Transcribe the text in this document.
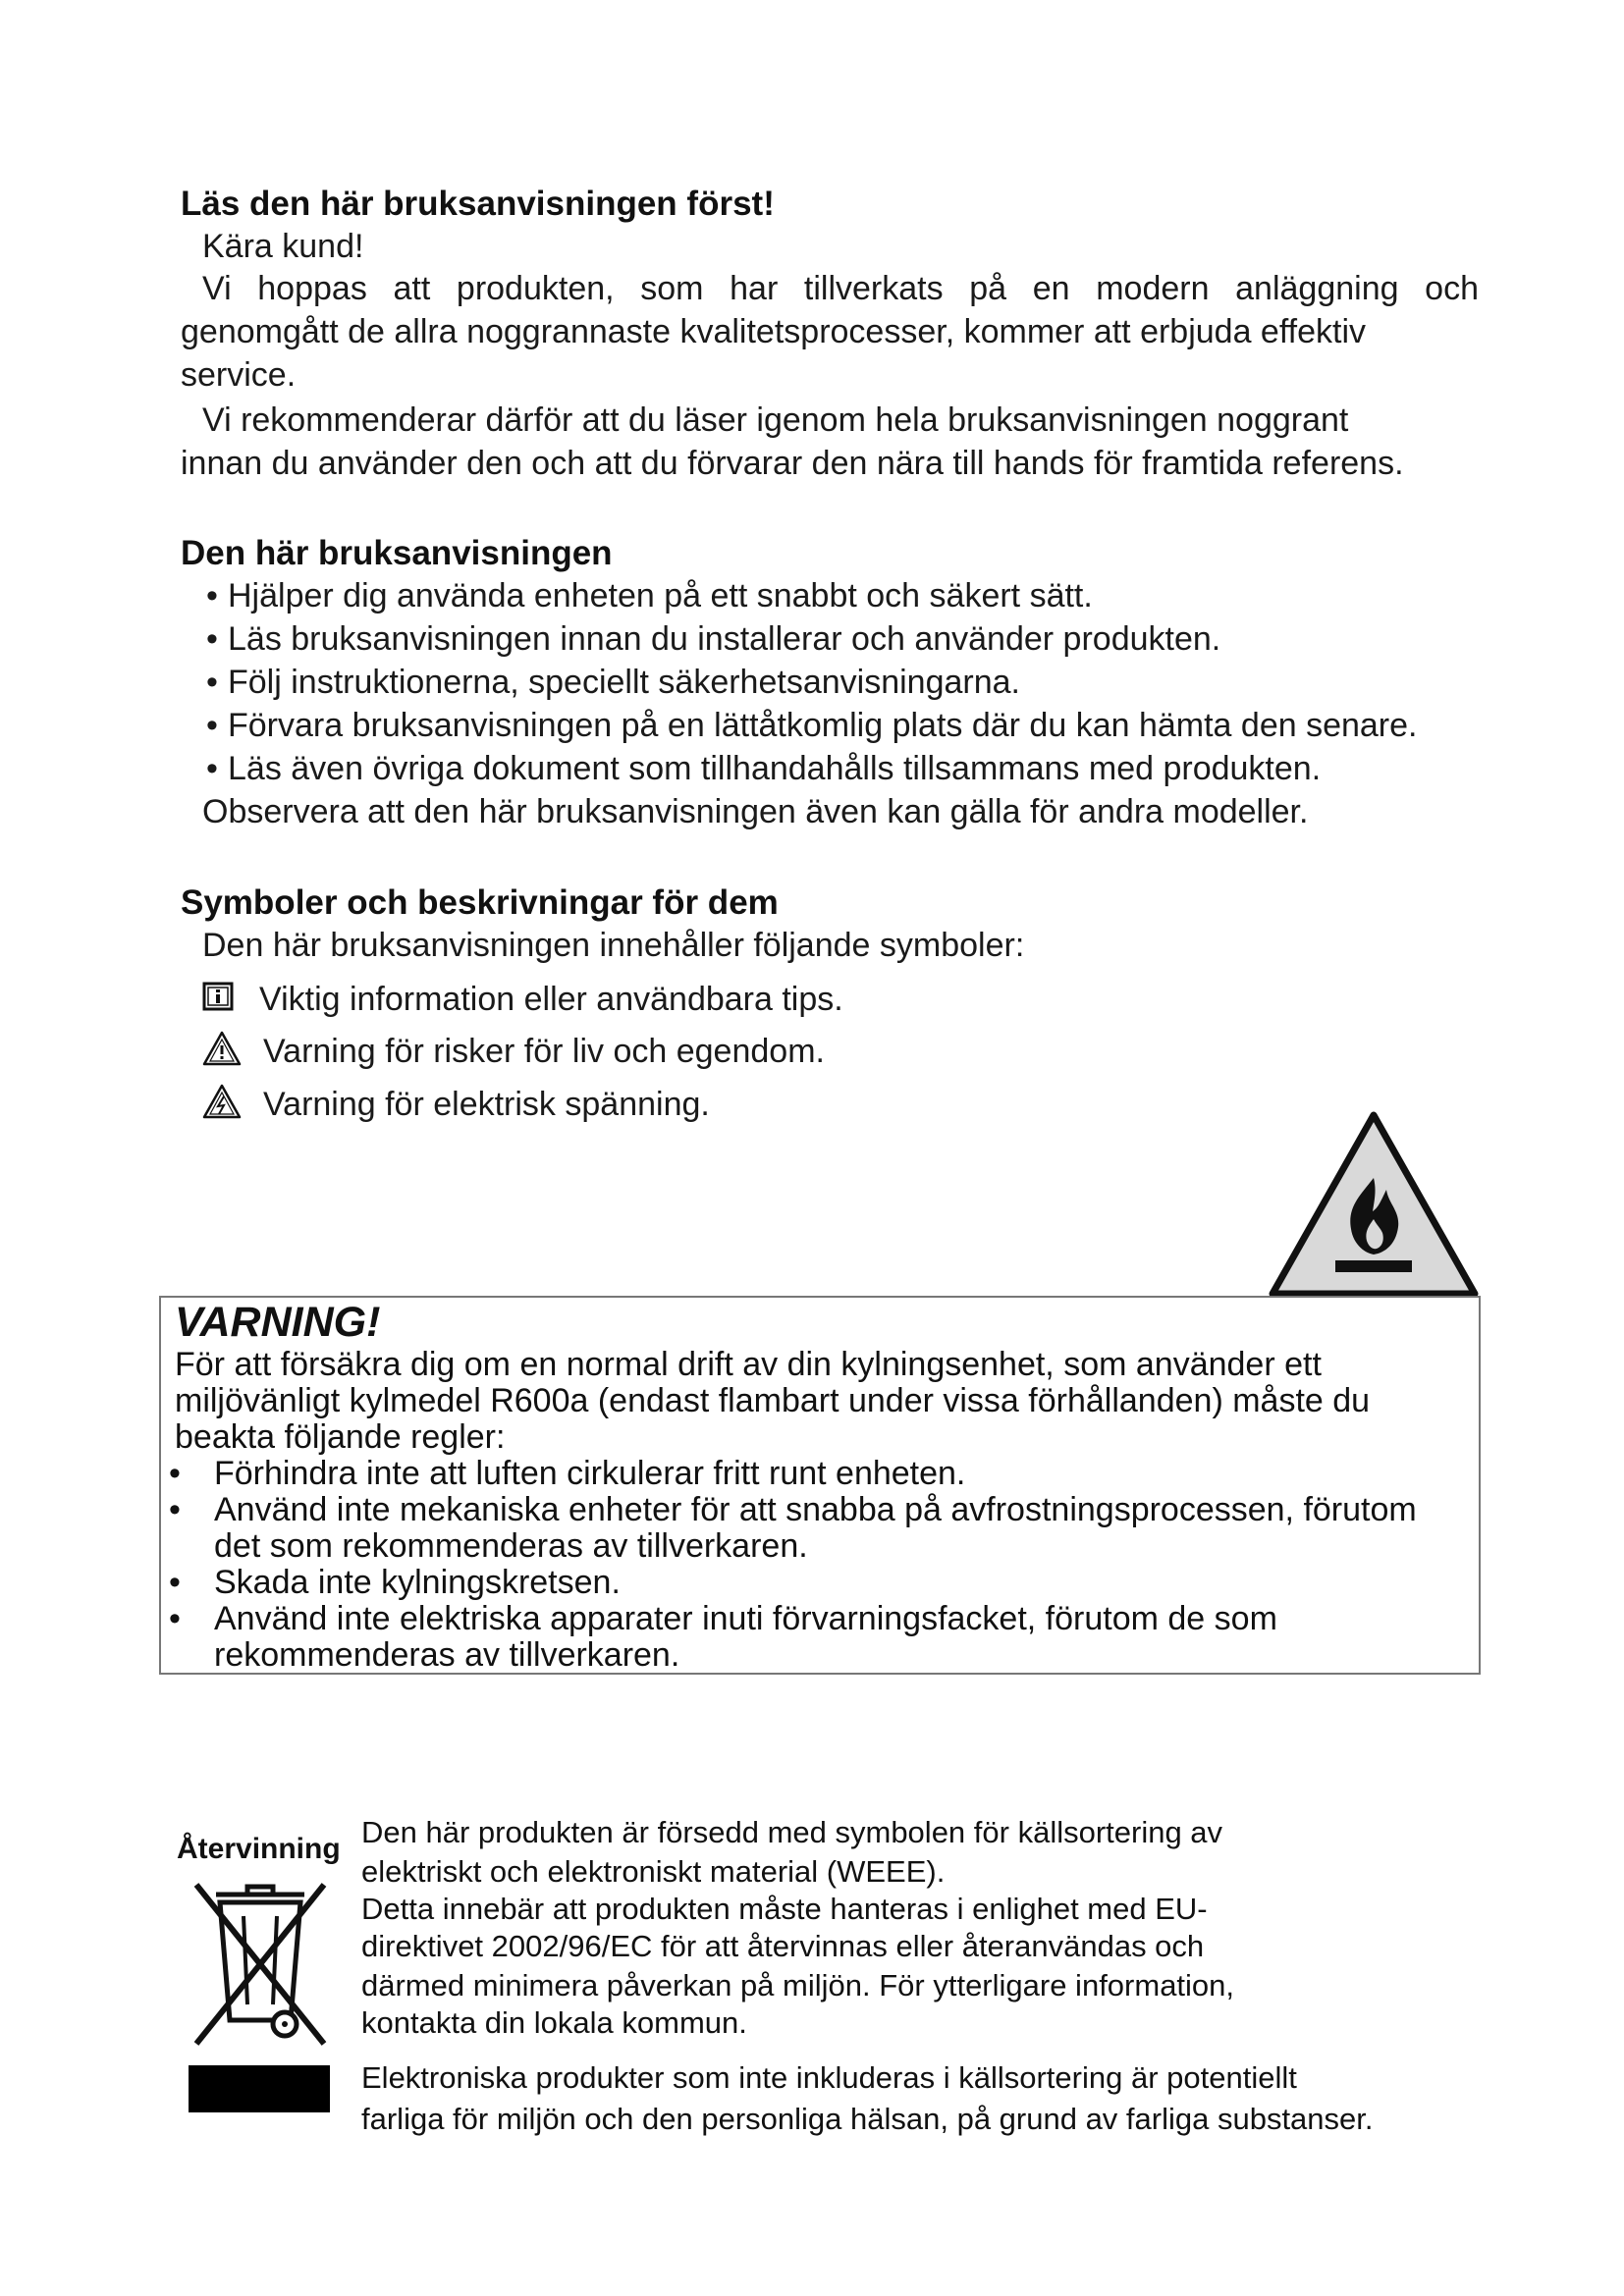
Läs den här bruksanvisningen först!
Kära kund!
Vi hoppas att produkten, som har tillverkats på en modern anläggning och
genomgått de allra noggrannaste kvalitetsprocesser, kommer att erbjuda effektiv
service.
Vi rekommenderar därför att du läser igenom hela bruksanvisningen noggrant
innan du använder den och att du förvarar den nära till hands för framtida referens.
Den här bruksanvisningen
• Hjälper dig använda enheten på ett snabbt och säkert sätt.
• Läs bruksanvisningen innan du installerar och använder produkten.
• Följ instruktionerna, speciellt säkerhetsanvisningarna.
• Förvara bruksanvisningen på en lättåtkomlig plats där du kan hämta den senare.
• Läs även övriga dokument som tillhandahålls tillsammans med produkten.
Observera att den här bruksanvisningen även kan gälla för andra modeller.
Symboler och beskrivningar för dem
Den här bruksanvisningen innehåller följande symboler:
Viktig information eller användbara tips.
Varning för risker för liv och egendom.
Varning för elektrisk spänning.
VARNING!
För att försäkra dig om en normal drift av din kylningsenhet, som använder ett
miljövänligt kylmedel R600a (endast flambart under vissa förhållanden) måste du
beakta följande regler:
• Förhindra inte att luften cirkulerar fritt runt enheten.
• Använd inte mekaniska enheter för att snabba på avfrostningsprocessen, förutom
det som rekommenderas av tillverkaren.
• Skada inte kylningskretsen.
• Använd inte elektriska apparater inuti förvarningsfacket, förutom de som
rekommenderas av tillverkaren.
Återvinning Den här produkten är försedd med symbolen för källsortering av
elektriskt och elektroniskt material (WEEE).
Detta innebär att produkten måste hanteras i enlighet med EU-
direktivet 2002/96/EC för att återvinnas eller återanvändas och
därmed minimera påverkan på miljön. För ytterligare information,
kontakta din lokala kommun.
Elektroniska produkter som inte inkluderas i källsortering är potentiellt
farliga för miljön och den personliga hälsan, på grund av farliga substanser.
